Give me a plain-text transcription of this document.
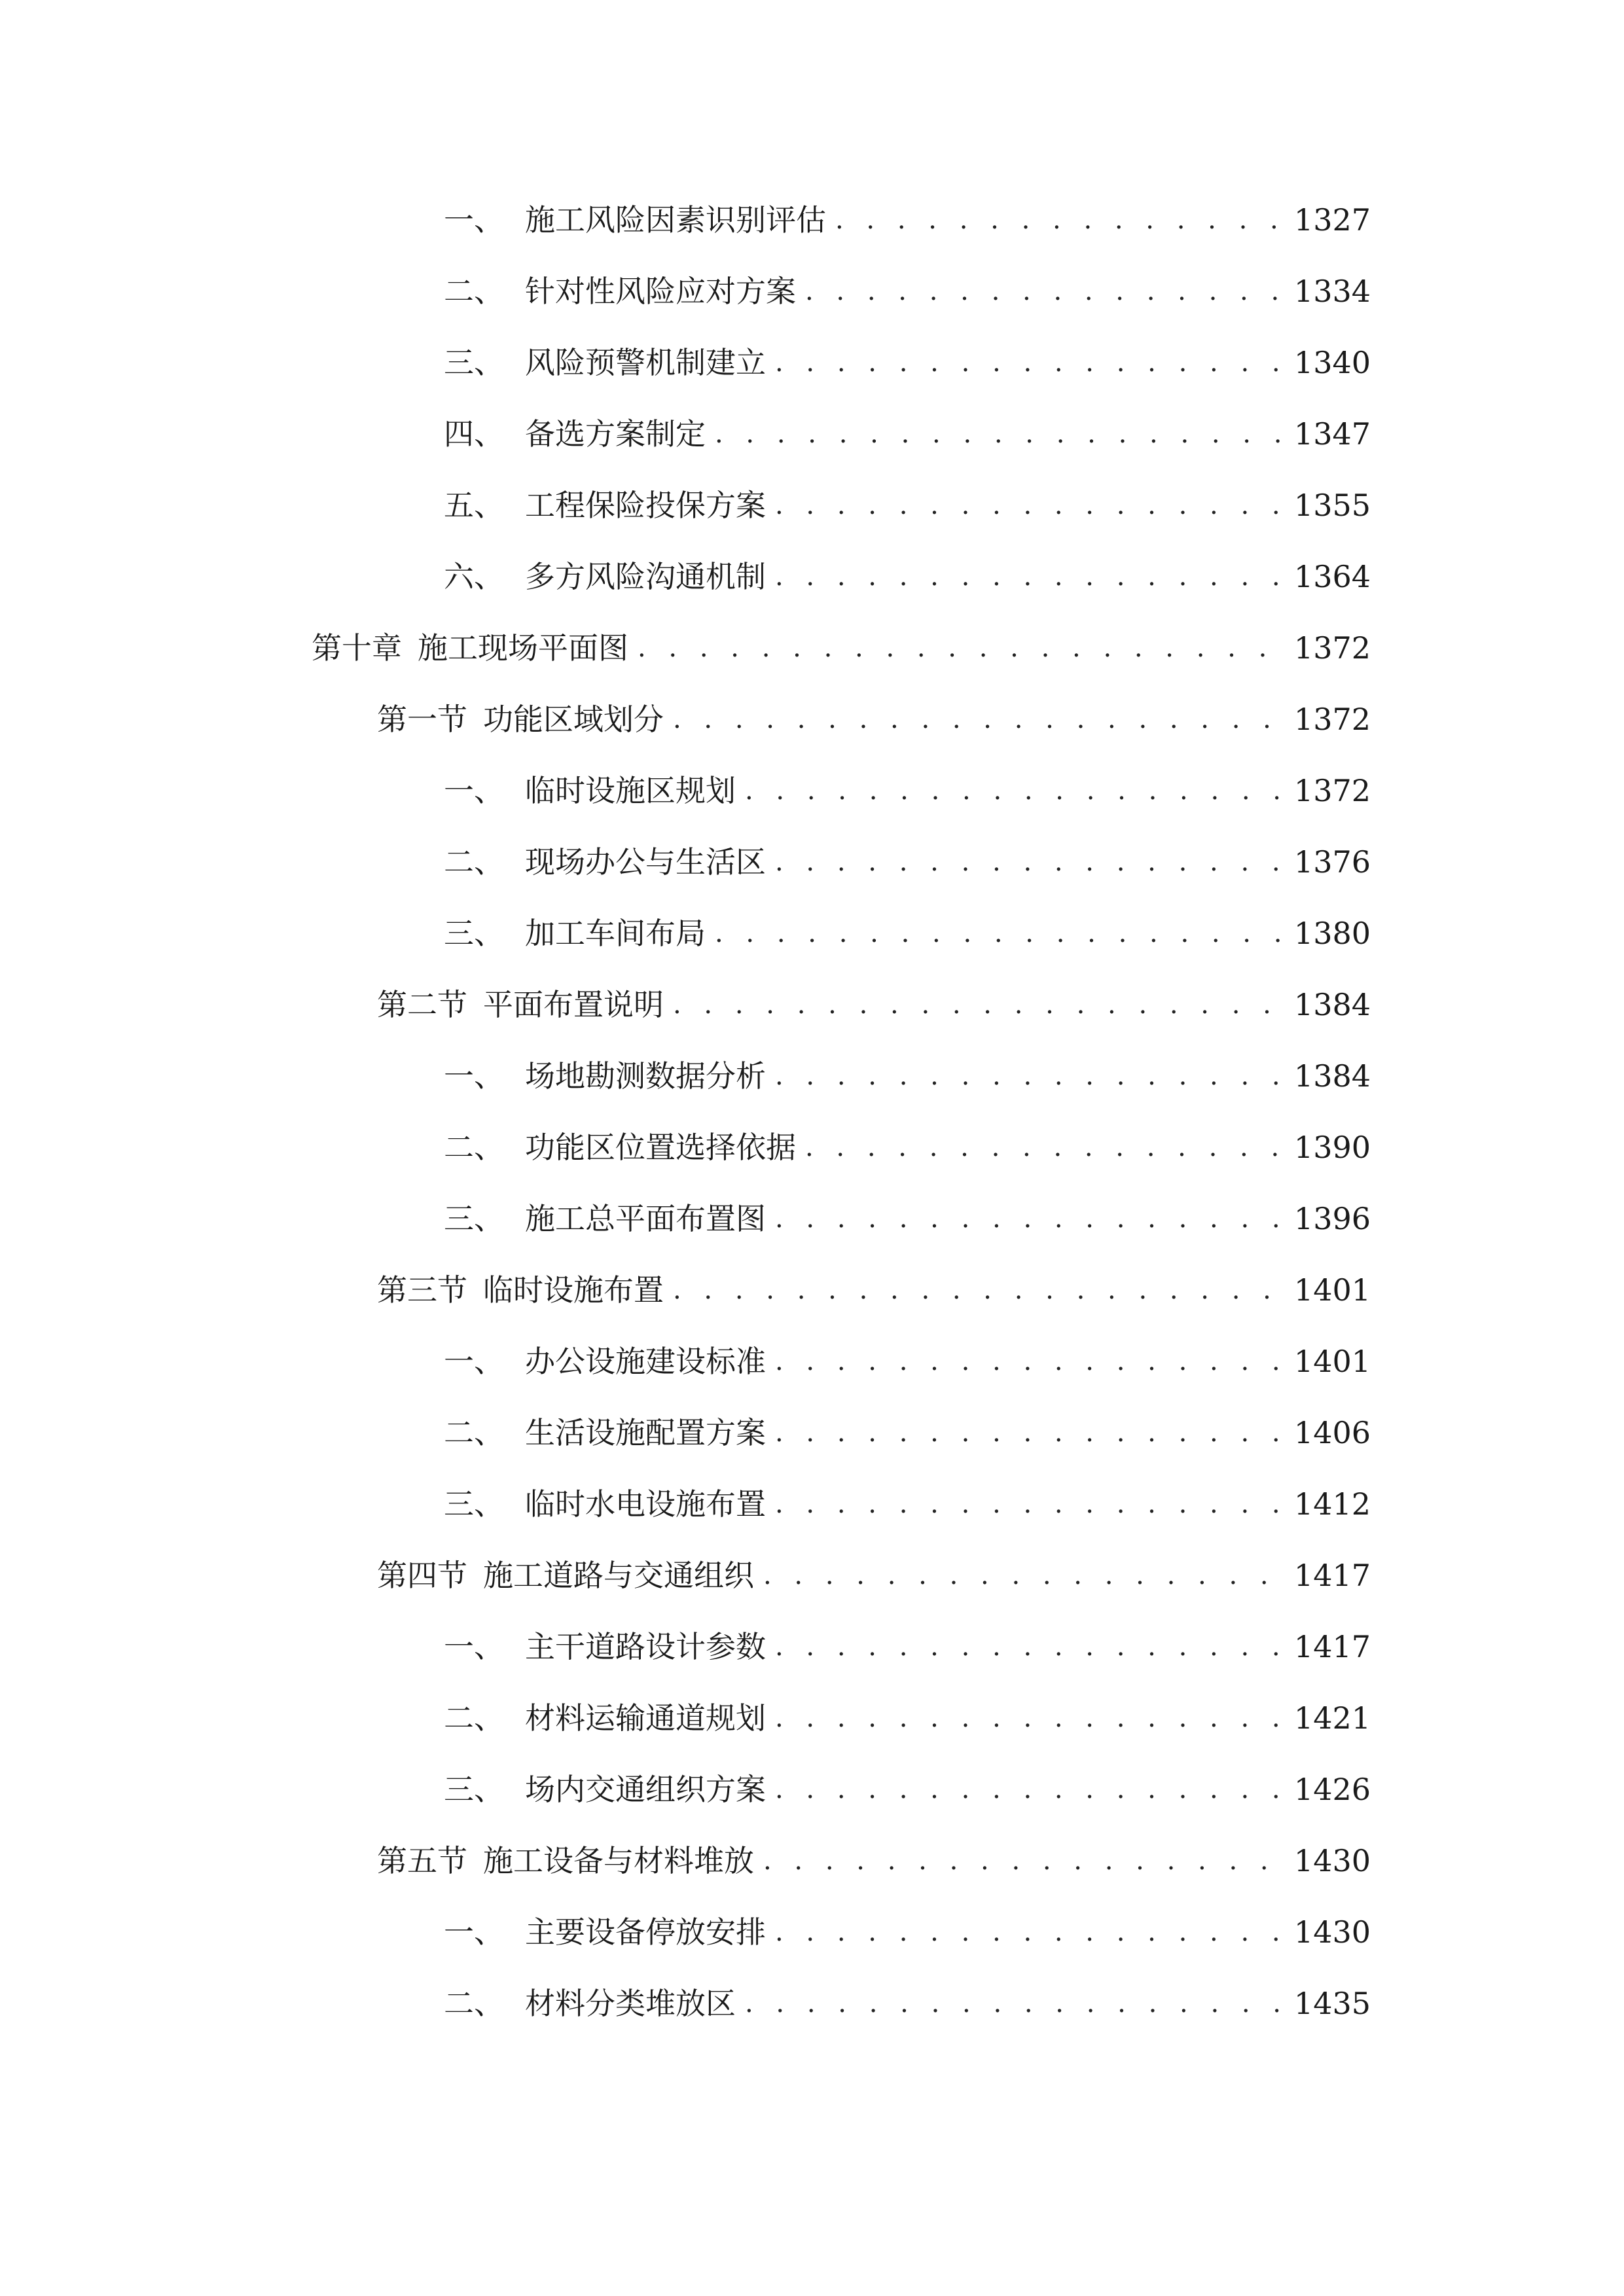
一、 施工风险因素识别评估 . . .	1327
二、 针对性风险应对方案 . . .	1334
三、 风险预警机制建立 . . .	1340
四、 备选方案制定 . . .	1347
五、 工程保险投保方案 . . .	1355
六、 多方风险沟通机制 . . .	1364
第十章 施工现场平面图 . . .	1372
第一节 功能区域划分 . . .	1372
一、 临时设施区规划 . . .	1372
二、 现场办公与生活区 . . .	1376
三、 加工车间布局 . . .	1380
第二节 平面布置说明 . . .	1384
一、 场地勘测数据分析 . . .	1384
二、 功能区位置选择依据 . . .	1390
三、 施工总平面布置图 . . .	1396
第三节 临时设施布置 . . .	1401
一、 办公设施建设标准 . . .	1401
二、 生活设施配置方案 . . .	1406
三、 临时水电设施布置 . . .	1412
第四节 施工道路与交通组织 . . .	1417
一、 主干道路设计参数 . . .	1417
二、 材料运输通道规划 . . .	1421
三、 场内交通组织方案 . . .	1426
第五节 施工设备与材料堆放 . . .	1430
一、 主要设备停放安排 . . .	1430
二、 材料分类堆放区 . . .	1435
